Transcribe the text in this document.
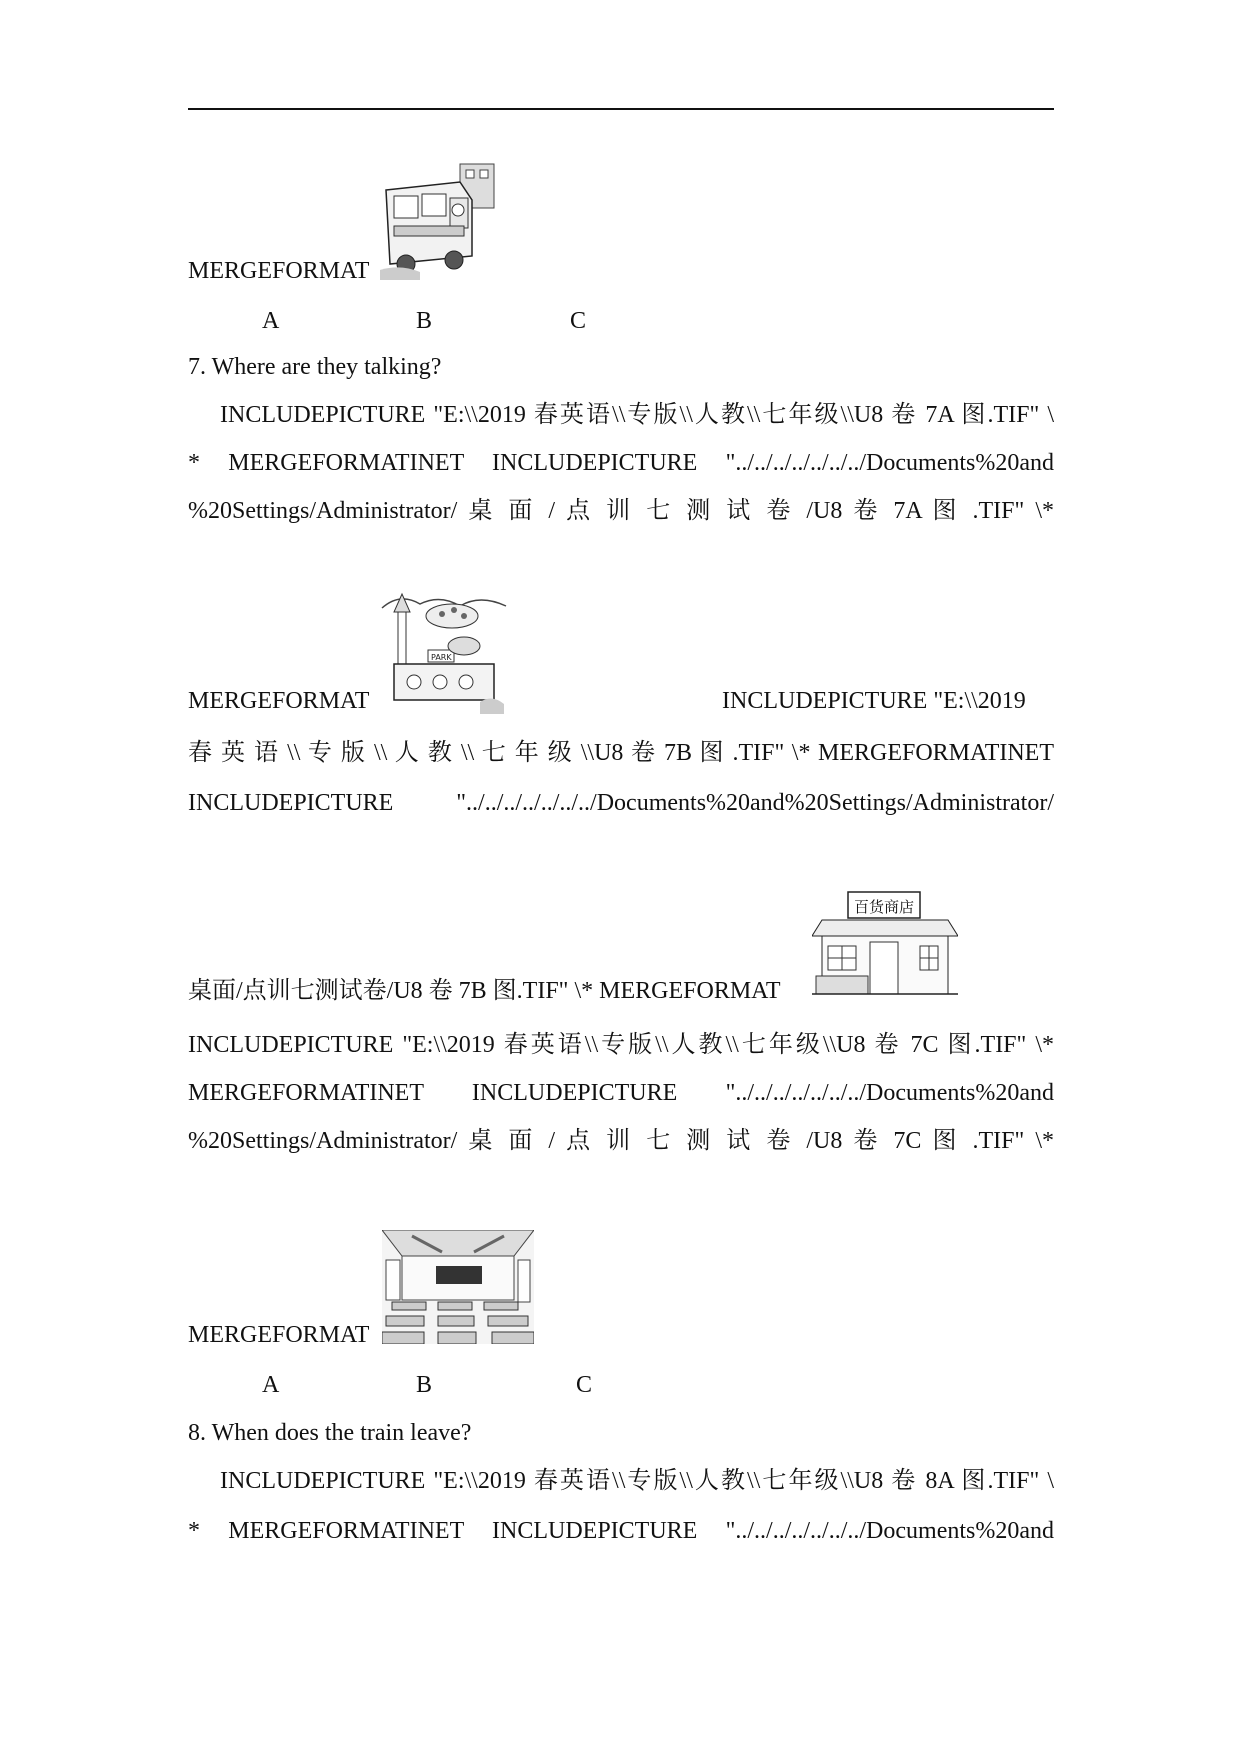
MERGEFORMAT
A	B	C
7. Where are they talking?
INCLUDEPICTURE "E:\\2019 春英语\\专版\\人教\\七年级\\U8 卷 7A 图.TIF" \
* MERGEFORMATINET INCLUDEPICTURE "../../../../../../../Documents%20and
%20Settings/Administrator/ 桌 面 / 点 训 七 测 试 卷 /U8 卷 7A 图 .TIF" \*
MERGEFORMAT
PARK
INCLUDEPICTURE "E:\\2019
春 英 语 \\ 专 版 \\ 人 教 \\ 七 年 级 \\U8 卷 7B 图 .TIF" \* MERGEFORMATINET
INCLUDEPICTURE "../../../../../../../Documents%20and%20Settings/Administrator/
桌面/点训七测试卷/U8 卷 7B 图.TIF" \* MERGEFORMAT
百货商店
INCLUDEPICTURE "E:\\2019 春英语\\专版\\人教\\七年级\\U8 卷 7C 图.TIF" \*
MERGEFORMATINET INCLUDEPICTURE "../../../../../../../Documents%20and
%20Settings/Administrator/ 桌 面 / 点 训 七 测 试 卷 /U8 卷 7C 图 .TIF" \*
MERGEFORMAT
A	B	C
8. When does the train leave?
INCLUDEPICTURE "E:\\2019 春英语\\专版\\人教\\七年级\\U8 卷 8A 图.TIF" \
* MERGEFORMATINET INCLUDEPICTURE "../../../../../../../Documents%20and
